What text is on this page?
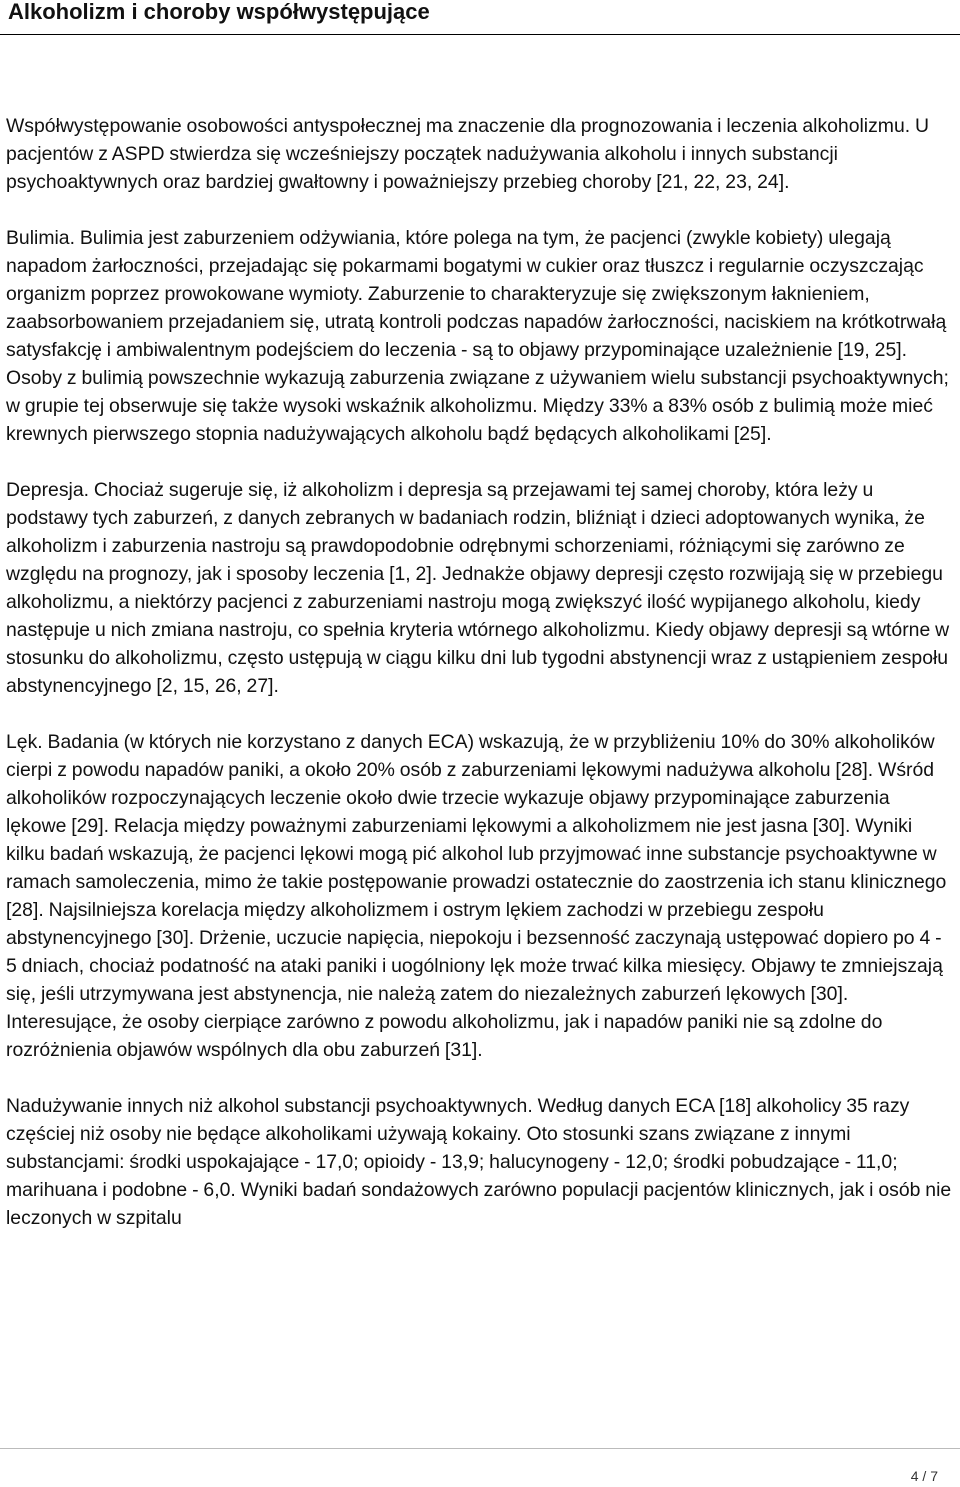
Alkoholizm i choroby współwystępujące

Współwystępowanie osobowości antyspołecznej ma znaczenie dla prognozowania i leczenia alkoholizmu. U pacjentów z ASPD stwierdza się wcześniejszy początek nadużywania alkoholu i innych substancji psychoaktywnych oraz bardziej gwałtowny i poważniejszy przebieg choroby [21, 22, 23, 24].

Bulimia. Bulimia jest zaburzeniem odżywiania, które polega na tym, że pacjenci (zwykle kobiety) ulegają napadom żarłoczności, przejadając się pokarmami bogatymi w cukier oraz tłuszcz i regularnie oczyszczając organizm poprzez prowokowane wymioty. Zaburzenie to charakteryzuje się zwiększonym łaknieniem, zaabsorbowaniem przejadaniem się, utratą kontroli podczas napadów żarłoczności, naciskiem na krótkotrwałą satysfakcję i ambiwalentnym podejściem do leczenia - są to objawy przypominające uzależnienie [19, 25]. Osoby z bulimią powszechnie wykazują zaburzenia związane z używaniem wielu substancji psychoaktywnych; w grupie tej obserwuje się także wysoki wskaźnik alkoholizmu. Między 33% a 83% osób z bulimią może mieć krewnych pierwszego stopnia nadużywających alkoholu bądź będących alkoholikami [25].

Depresja. Chociaż sugeruje się, iż alkoholizm i depresja są przejawami tej samej choroby, która leży u podstawy tych zaburzeń, z danych zebranych w badaniach rodzin, bliźniąt i dzieci adoptowanych wynika, że alkoholizm i zaburzenia nastroju są prawdopodobnie odrębnymi schorzeniami, różniącymi się zarówno ze względu na prognozy, jak i sposoby leczenia [1, 2]. Jednakże objawy depresji często rozwijają się w przebiegu alkoholizmu, a niektórzy pacjenci z zaburzeniami nastroju mogą zwiększyć ilość wypijanego alkoholu, kiedy następuje u nich zmiana nastroju, co spełnia kryteria wtórnego alkoholizmu. Kiedy objawy depresji są wtórne w stosunku do alkoholizmu, często ustępują w ciągu kilku dni lub tygodni abstynencji wraz z ustąpieniem zespołu abstynencyjnego [2, 15, 26, 27].

Lęk. Badania (w których nie korzystano z danych ECA) wskazują, że w przybliżeniu 10% do 30% alkoholików cierpi z powodu napadów paniki, a około 20% osób z zaburzeniami lękowymi nadużywa alkoholu [28]. Wśród alkoholików rozpoczynających leczenie około dwie trzecie wykazuje objawy przypominające zaburzenia lękowe [29]. Relacja między poważnymi zaburzeniami lękowymi a alkoholizmem nie jest jasna [30]. Wyniki kilku badań wskazują, że pacjenci lękowi mogą pić alkohol lub przyjmować inne substancje psychoaktywne w ramach samoleczenia, mimo że takie postępowanie prowadzi ostatecznie do zaostrzenia ich stanu klinicznego [28]. Najsilniejsza korelacja między alkoholizmem i ostrym lękiem zachodzi w przebiegu zespołu abstynencyjnego [30]. Drżenie, uczucie napięcia, niepokoju i bezsenność zaczynają ustępować dopiero po 4 - 5 dniach, chociaż podatność na ataki paniki i uogólniony lęk może trwać kilka miesięcy. Objawy te zmniejszają się, jeśli utrzymywana jest abstynencja, nie należą zatem do niezależnych zaburzeń lękowych [30]. Interesujące, że osoby cierpiące zarówno z powodu alkoholizmu, jak i napadów paniki nie są zdolne do rozróżnienia objawów wspólnych dla obu zaburzeń [31].

Nadużywanie innych niż alkohol substancji psychoaktywnych. Według danych ECA [18] alkoholicy 35 razy częściej niż osoby nie będące alkoholikami używają kokainy. Oto stosunki szans związane z innymi substancjami: środki uspokajające - 17,0; opioidy - 13,9; halucynogeny - 12,0; środki pobudzające - 11,0; marihuana i podobne - 6,0. Wyniki badań sondażowych zarówno populacji pacjentów klinicznych, jak i osób nie leczonych w szpitalu

4 / 7
